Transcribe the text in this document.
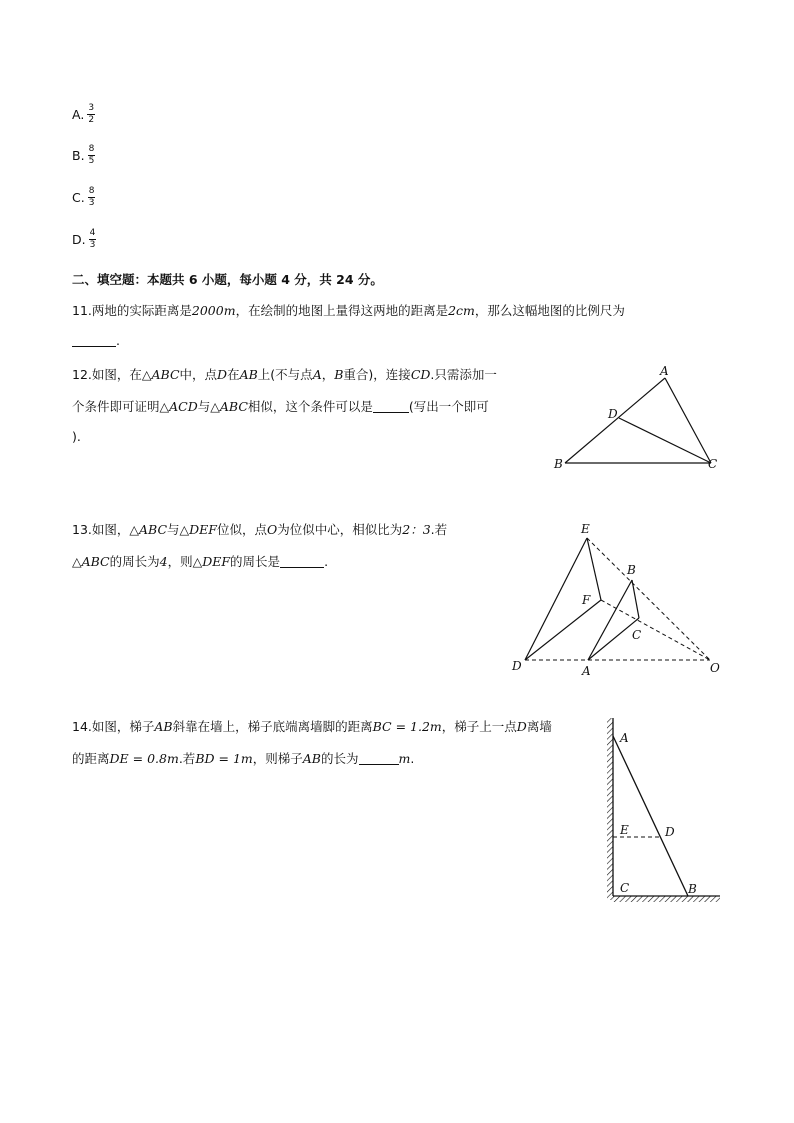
A. $\frac{3}{2}$
B. $\frac{8}{5}$
C. $\frac{8}{3}$
D. $\frac{4}{3}$
二、填空题：本题共 6 小题，每小题 4 分，共 24 分。
11.两地的实际距离是2000m，在绘制的地图上量得这两地的距离是2cm，那么这幅地图的比例尺为
.
12.如图，在△ABC中，点D在AB上(不与点A，B重合)，连接CD.只需添加一
个条件即可证明△ACD与△ABC相似，这个条件可以是	(写出一个即可
).
A
B	C
D
13.如图，△ABC与△DEF位似，点O为位似中心，相似比为2：3.若
△ABC的周长为4，则△DEF的周长是	.
E
B
F
C
D	A	O
14.如图，梯子AB斜靠在墙上，梯子底端离墙脚的距离BC = 1.2m，梯子上一点D离墙
的距离DE = 0.8m.若BD = 1m，则梯子AB的长为	m.
A
E	D
C	B
